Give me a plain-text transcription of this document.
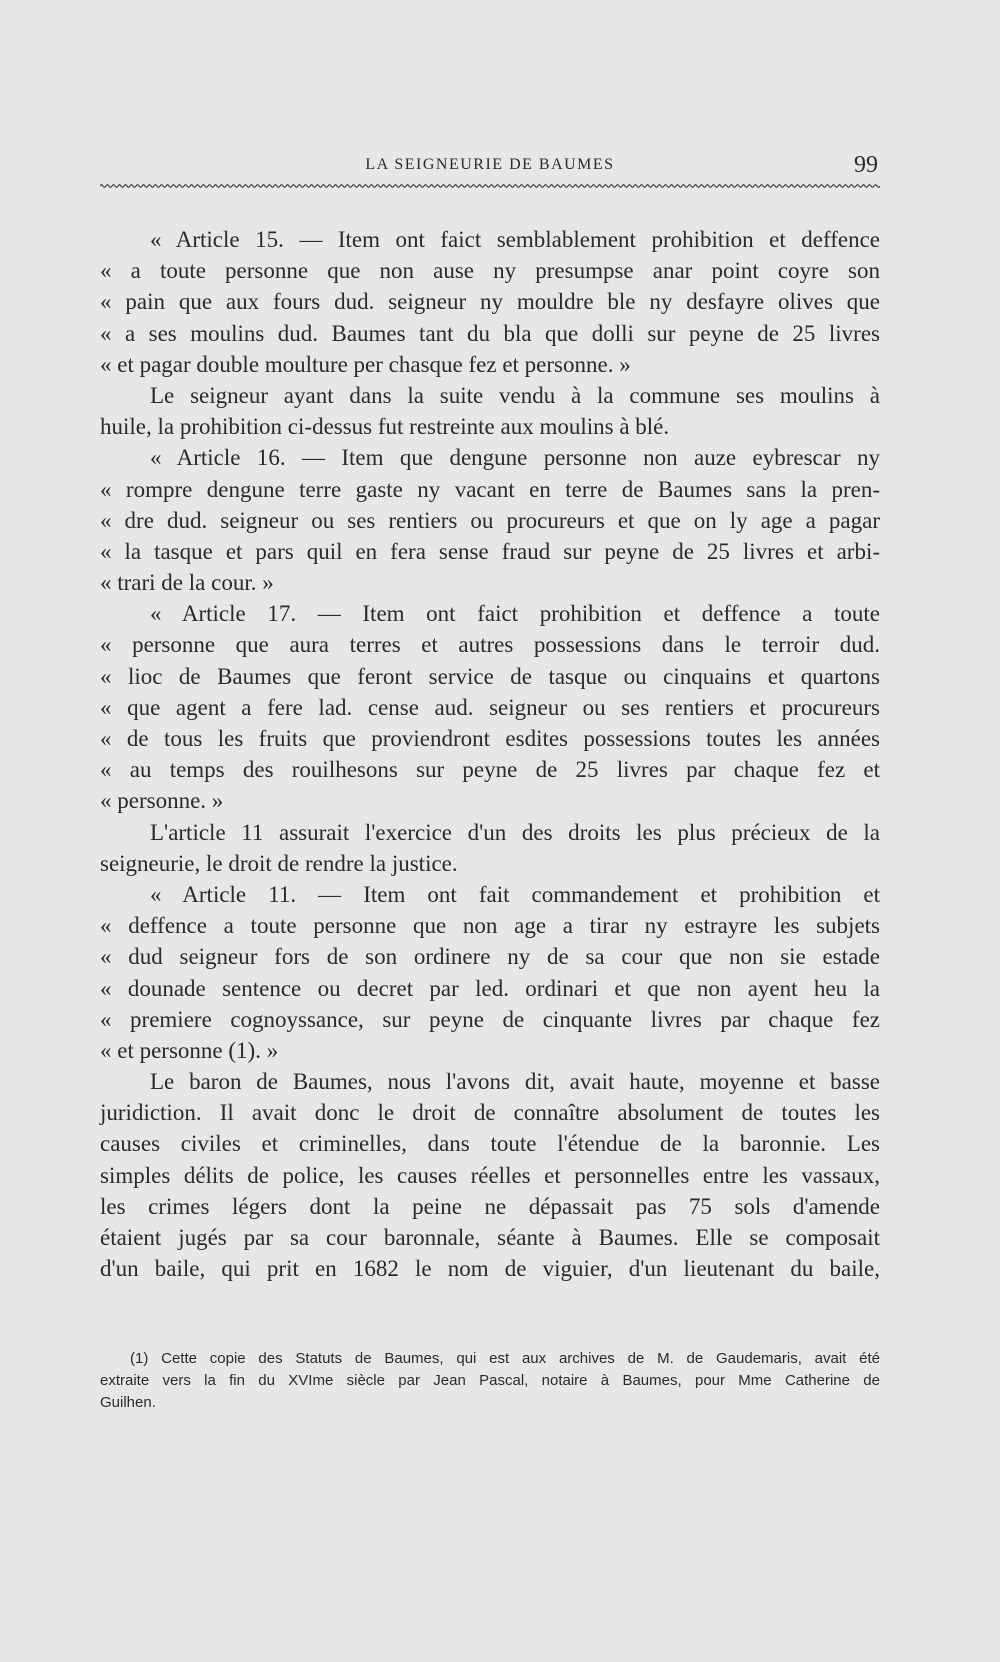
LA SEIGNEURIE DE BAUMES	99
« Article 15. — Item ont faict semblablement prohibition et deffence
« a toute personne que non ause ny presumpse anar point coyre son
« pain que aux fours dud. seigneur ny mouldre ble ny desfayre olives que
« a ses moulins dud. Baumes tant du bla que dolli sur peyne de 25 livres
« et pagar double moulture per chasque fez et personne. »
Le seigneur ayant dans la suite vendu à la commune ses moulins à
huile, la prohibition ci-dessus fut restreinte aux moulins à blé.
« Article 16. — Item que dengune personne non auze eybrescar ny
« rompre dengune terre gaste ny vacant en terre de Baumes sans la pren-
« dre dud. seigneur ou ses rentiers ou procureurs et que on ly age a pagar
« la tasque et pars quil en fera sense fraud sur peyne de 25 livres et arbi-
« trari de la cour. »
« Article 17. — Item ont faict prohibition et deffence a toute
« personne que aura terres et autres possessions dans le terroir dud.
« lioc de Baumes que feront service de tasque ou cinquains et quartons
« que agent a fere lad. cense aud. seigneur ou ses rentiers et procureurs
« de tous les fruits que proviendront esdites possessions toutes les années
« au temps des rouilhesons sur peyne de 25 livres par chaque fez et
« personne. »
L'article 11 assurait l'exercice d'un des droits les plus précieux de la
seigneurie, le droit de rendre la justice.
« Article 11. — Item ont fait commandement et prohibition et
« deffence a toute personne que non age a tirar ny estrayre les subjets
« dud seigneur fors de son ordinere ny de sa cour que non sie estade
« dounade sentence ou decret par led. ordinari et que non ayent heu la
« premiere cognoyssance, sur peyne de cinquante livres par chaque fez
« et personne (1). »
Le baron de Baumes, nous l'avons dit, avait haute, moyenne et basse
juridiction. Il avait donc le droit de connaître absolument de toutes les
causes civiles et criminelles, dans toute l'étendue de la baronnie. Les
simples délits de police, les causes réelles et personnelles entre les vassaux,
les crimes légers dont la peine ne dépassait pas 75 sols d'amende
étaient jugés par sa cour baronnale, séante à Baumes. Elle se composait
d'un baile, qui prit en 1682 le nom de viguier, d'un lieutenant du baile,
(1) Cette copie des Statuts de Baumes, qui est aux archives de M. de Gaudemaris, avait été
extraite vers la fin du XVIme siècle par Jean Pascal, notaire à Baumes, pour Mme Catherine de
Guilhen.
